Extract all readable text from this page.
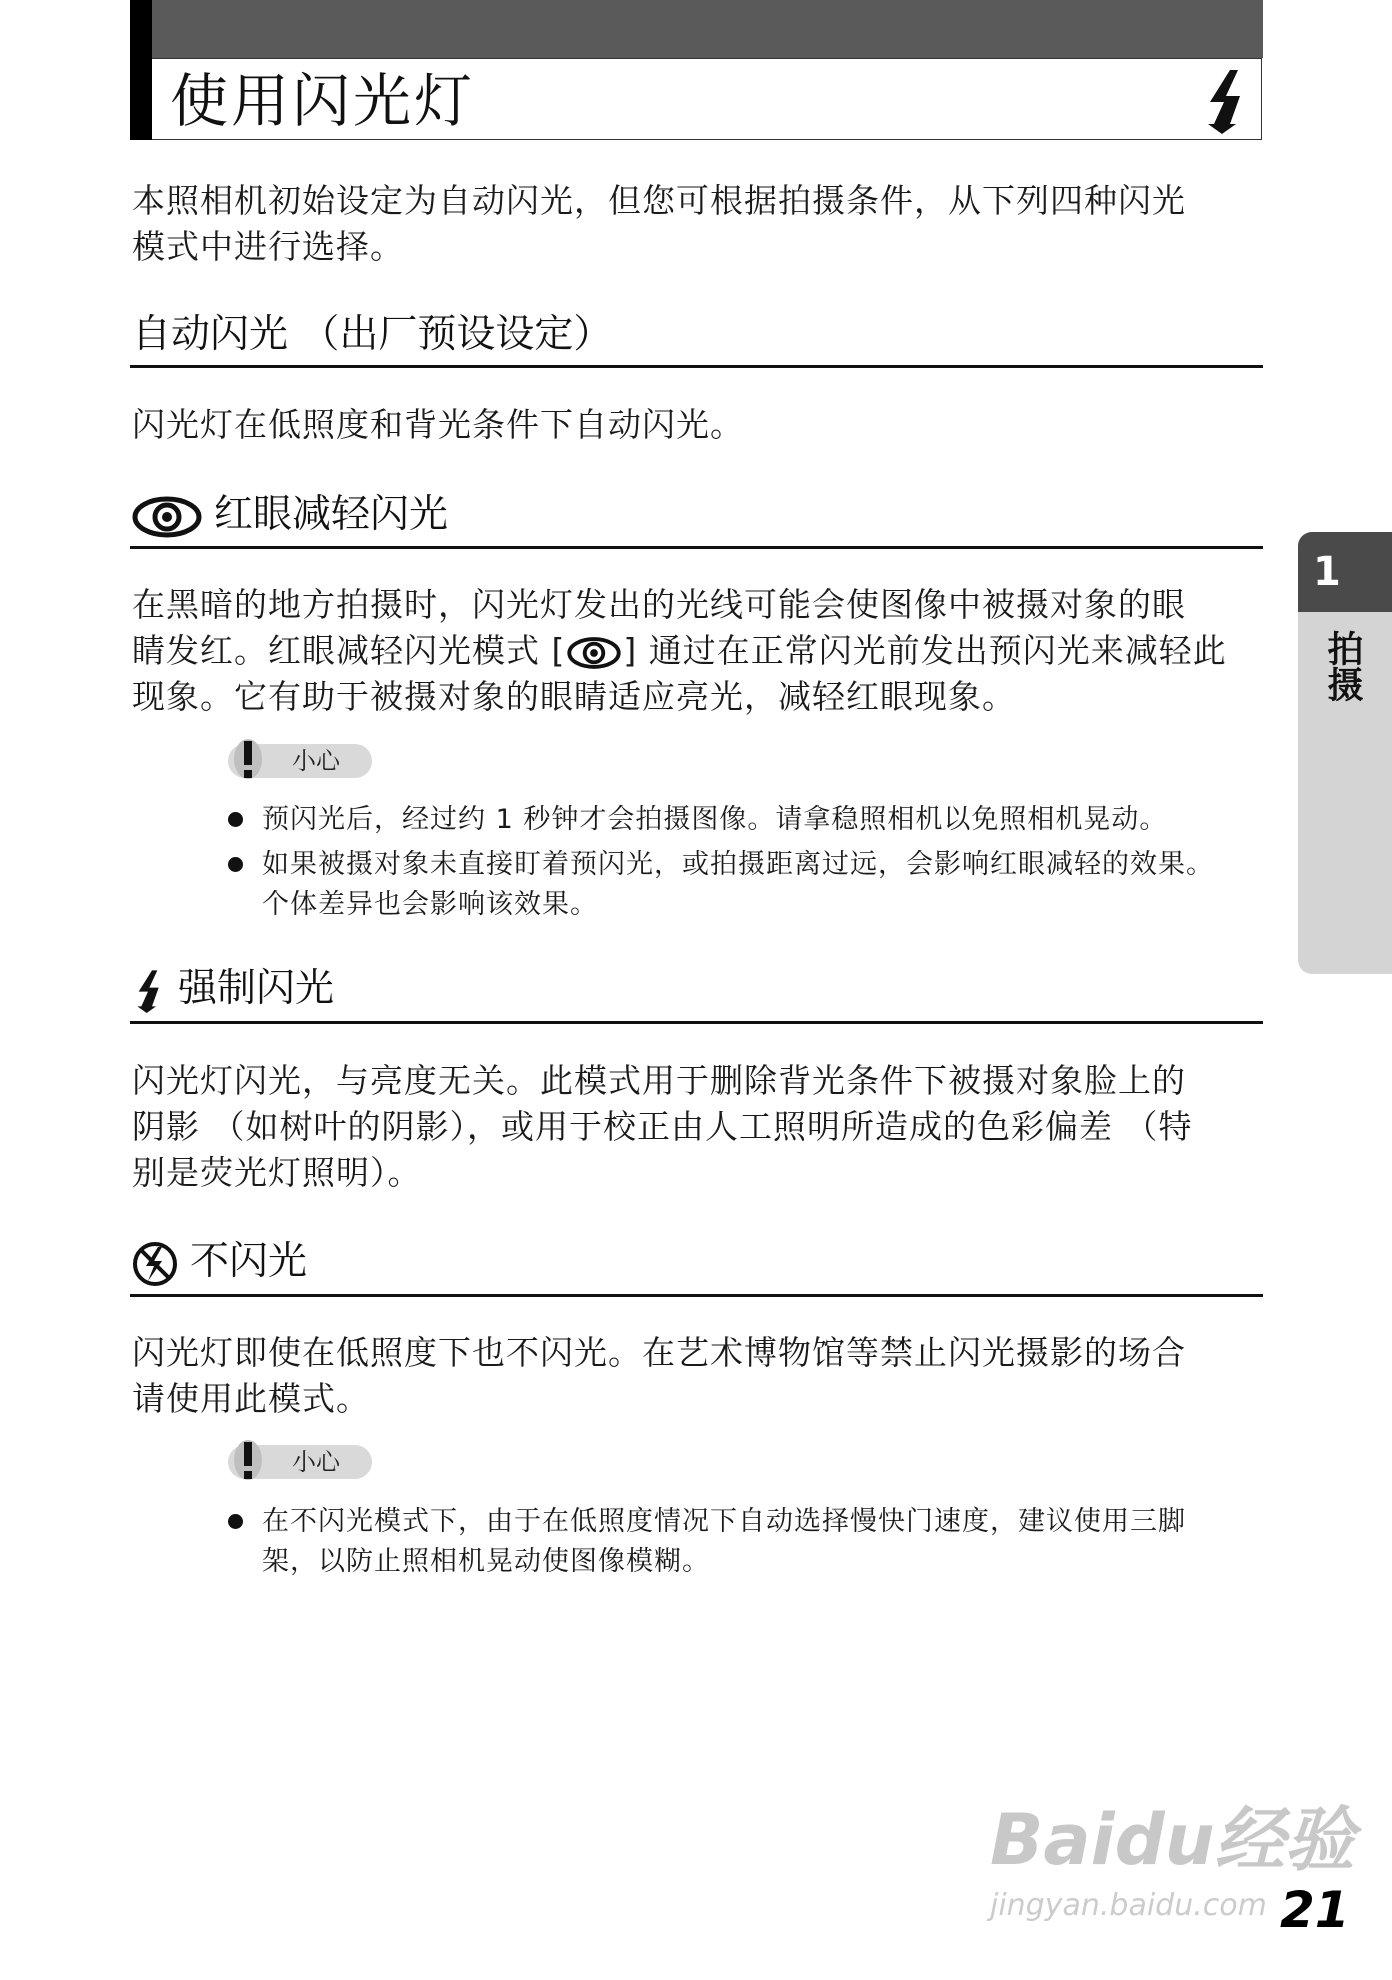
使用闪光灯
本照相机初始设定为自动闪光，但您可根据拍摄条件，从下列四种闪光
模式中进行选择。
自动闪光 （出厂预设设定）
闪光灯在低照度和背光条件下自动闪光。
红眼减轻闪光
在黑暗的地方拍摄时，闪光灯发出的光线可能会使图像中被摄对象的眼
睛发红。红眼减轻闪光模式 [ ] 通过在正常闪光前发出预闪光来减轻此
现象。它有助于被摄对象的眼睛适应亮光，减轻红眼现象。
小心
预闪光后，经过约 1 秒钟才会拍摄图像。请拿稳照相机以免照相机晃动。
如果被摄对象未直接盯着预闪光，或拍摄距离过远，会影响红眼减轻的效果。
个体差异也会影响该效果。
强制闪光
闪光灯闪光，与亮度无关。此模式用于删除背光条件下被摄对象脸上的
阴影 （如树叶的阴影），或用于校正由人工照明所造成的色彩偏差 （特
别是荧光灯照明）。
不闪光
闪光灯即使在低照度下也不闪光。在艺术博物馆等禁止闪光摄影的场合
请使用此模式。
小心
在不闪光模式下，由于在低照度情况下自动选择慢快门速度，建议使用三脚
架，以防止照相机晃动使图像模糊。
1
拍摄
Baidu经验
jingyan.baidu.com 21
